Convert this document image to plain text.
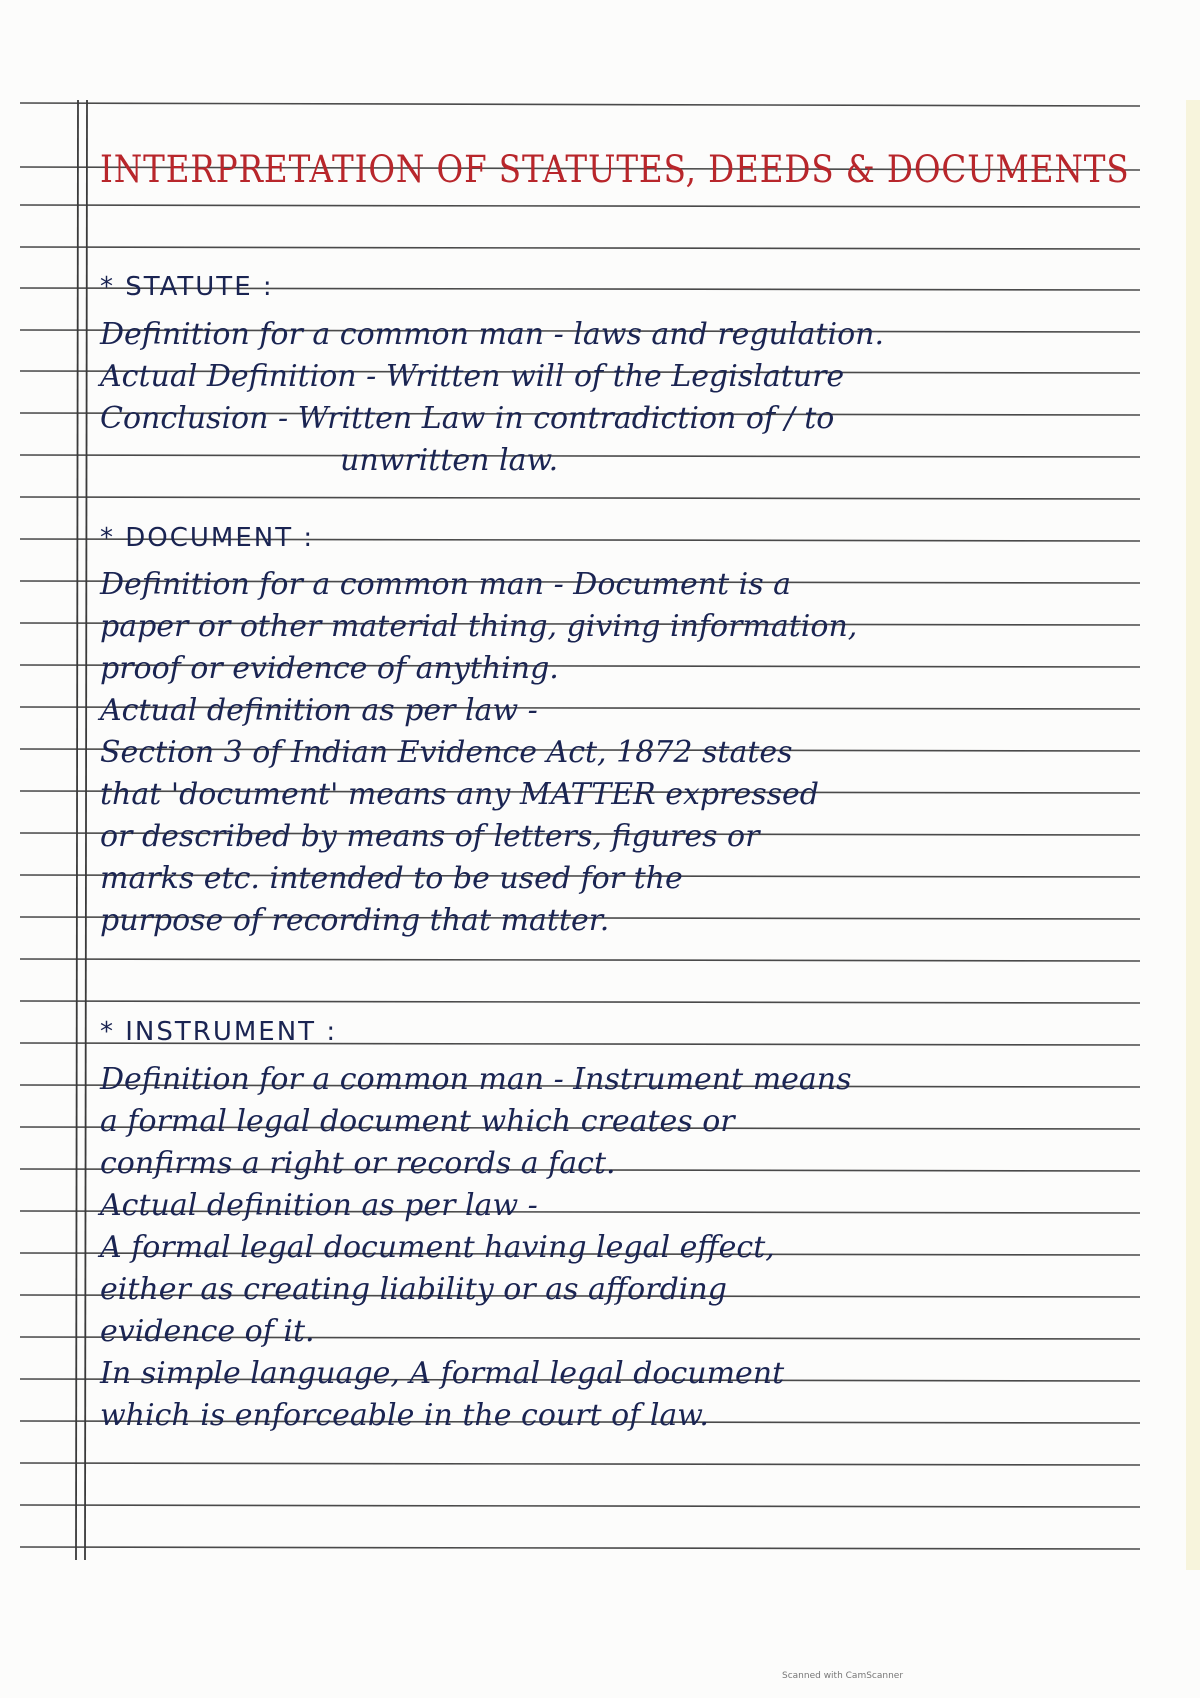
INTERPRETATION OF STATUTES, DEEDS & DOCUMENTS
* STATUTE :
Definition for a common man - laws and regulation.
Actual Definition - Written will of the Legislature
Conclusion - Written Law in contradiction of / to
unwritten law.
* DOCUMENT :
Definition for a common man - Document is a
paper or other material thing, giving information,
proof or evidence of anything.
Actual definition as per law -
Section 3 of Indian Evidence Act, 1872 states
that 'document' means any MATTER expressed
or described by means of letters, figures or
marks etc. intended to be used for the
purpose of recording that matter.
* INSTRUMENT :
Definition for a common man - Instrument means
a formal legal document which creates or
confirms a right or records a fact.
Actual definition as per law -
A formal legal document having legal effect,
either as creating liability or as affording
evidence of it.
In simple language, A formal legal document
which is enforceable in the court of law.
Scanned with CamScanner
